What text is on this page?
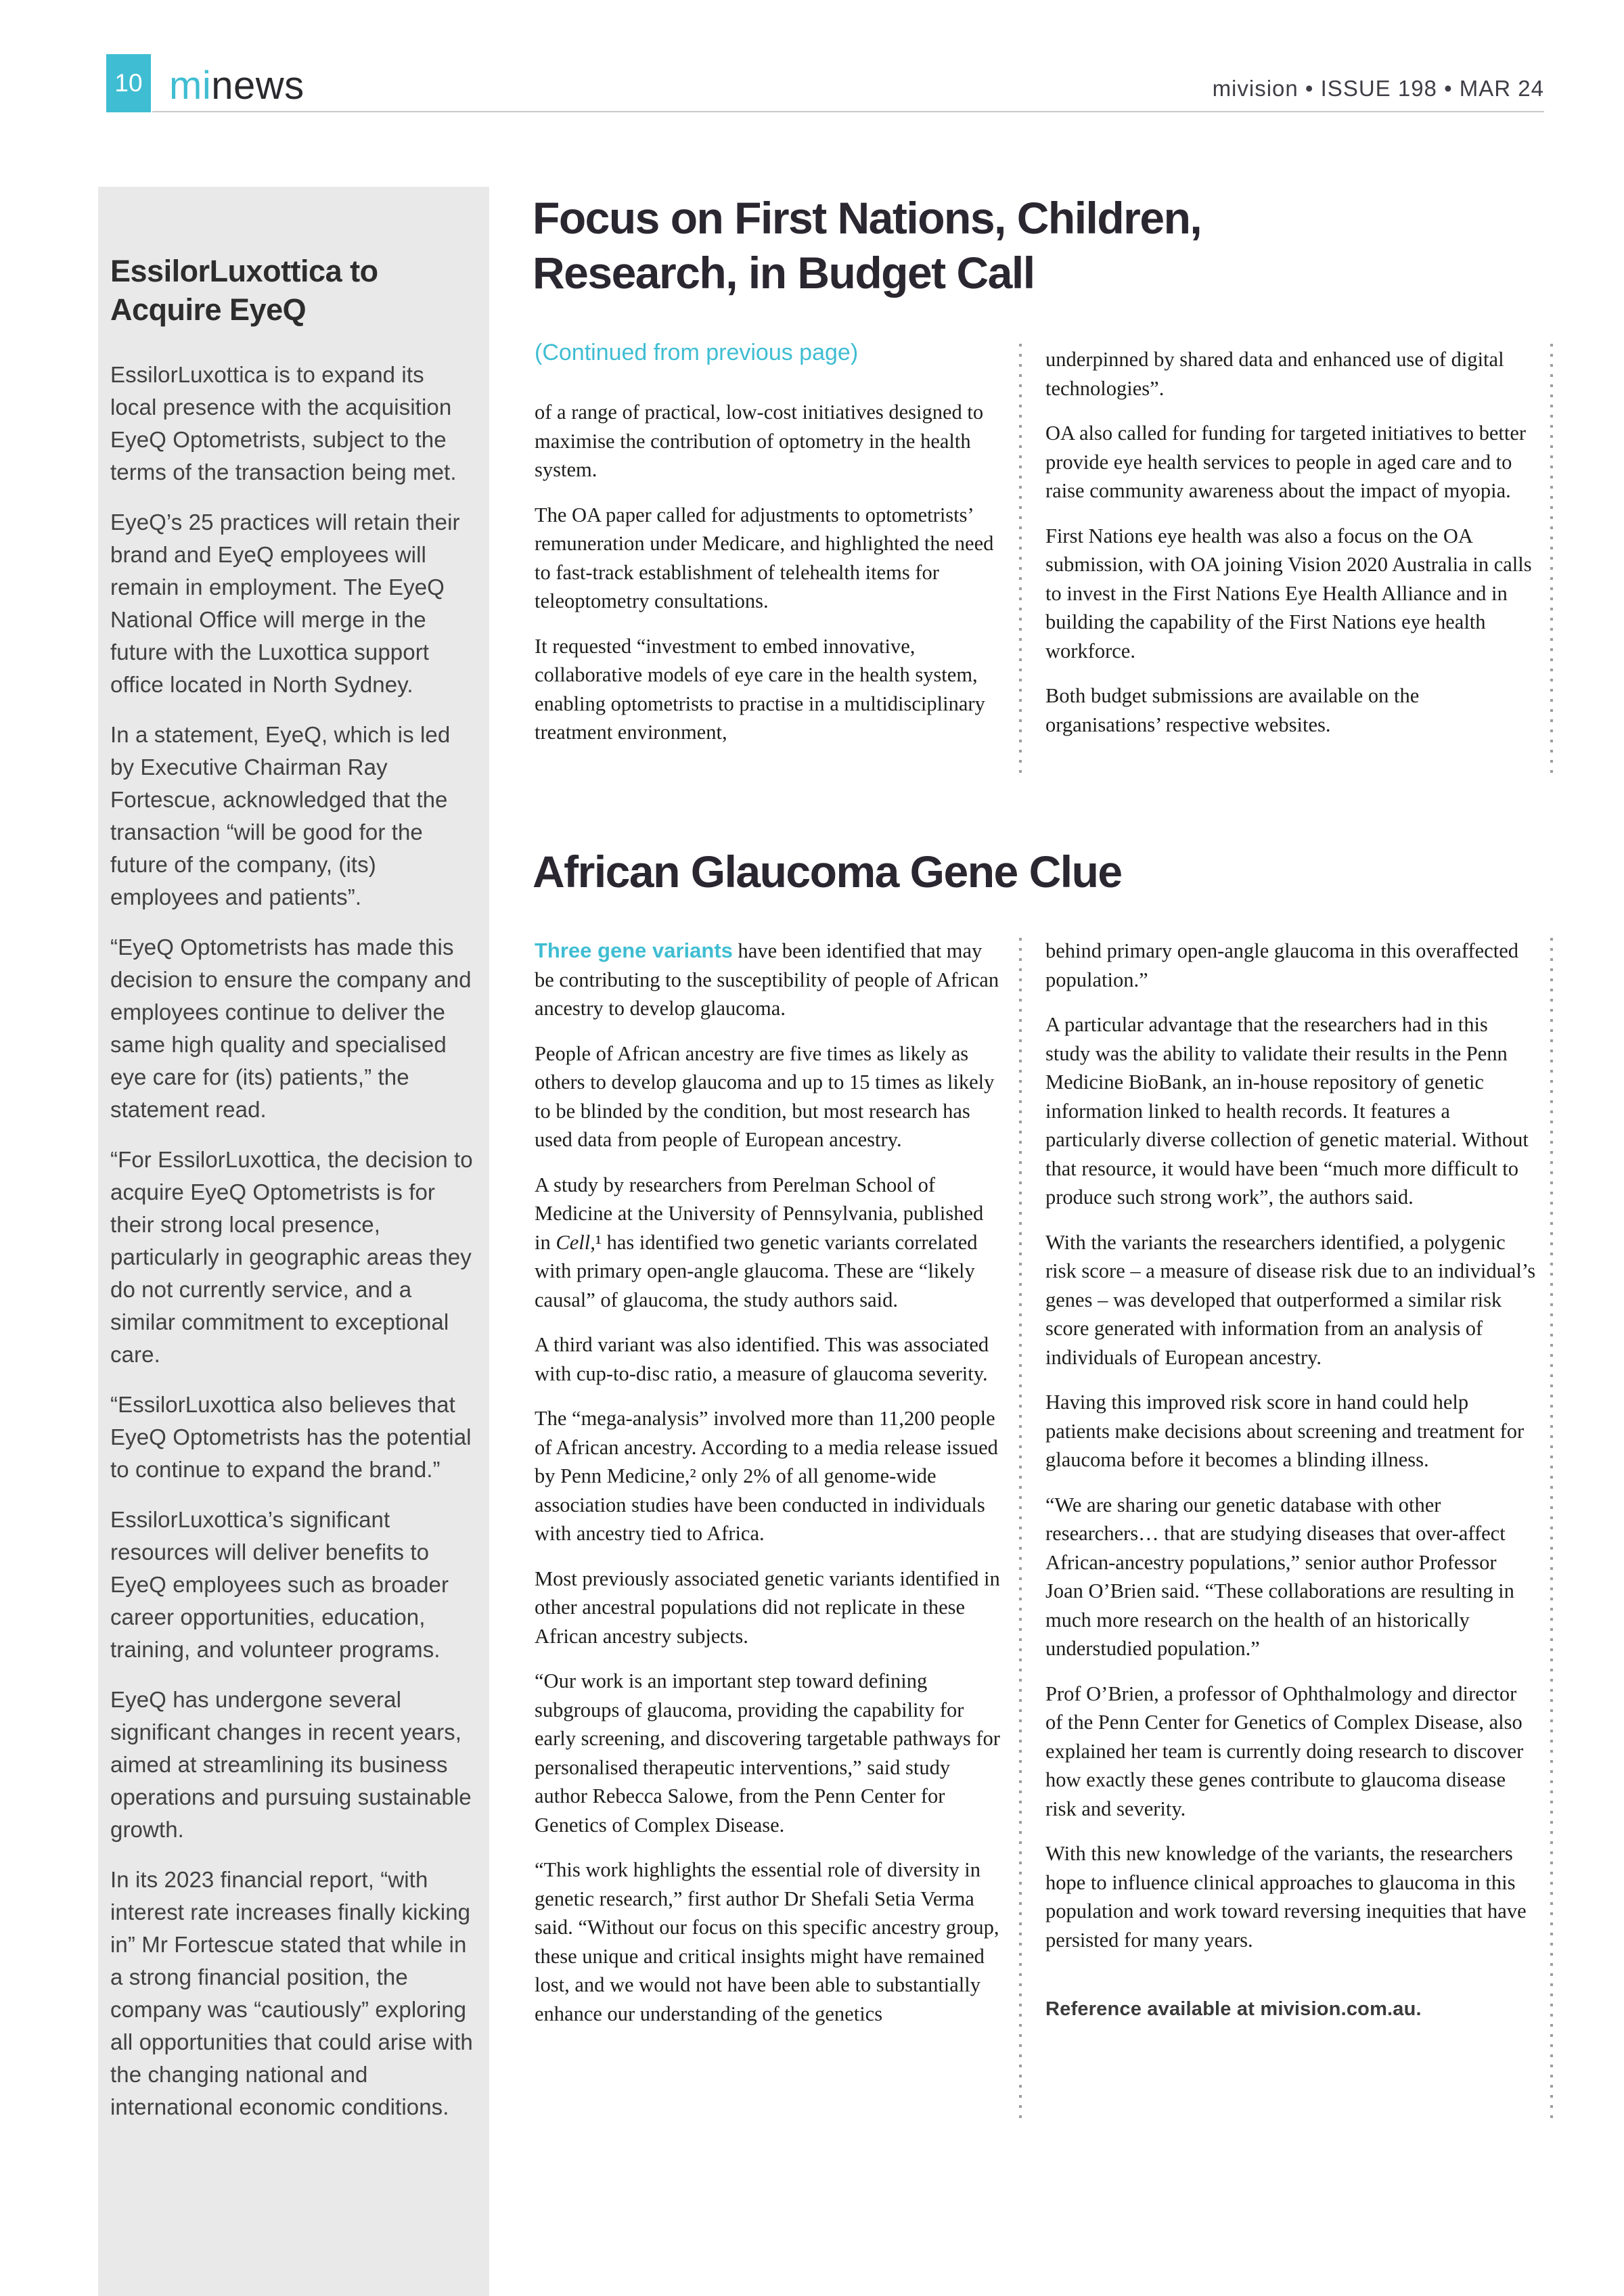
10 minews	mivision • ISSUE 198 • MAR 24
EssilorLuxottica to Acquire EyeQ

EssilorLuxottica is to expand its local presence with the acquisition EyeQ Optometrists, subject to the terms of the transaction being met.

EyeQ’s 25 practices will retain their brand and EyeQ employees will remain in employment. The EyeQ National Office will merge in the future with the Luxottica support office located in North Sydney.

In a statement, EyeQ, which is led by Executive Chairman Ray Fortescue, acknowledged that the transaction “will be good for the future of the company, (its) employees and patients”.

“EyeQ Optometrists has made this decision to ensure the company and employees continue to deliver the same high quality and specialised eye care for (its) patients,” the statement read.

“For EssilorLuxottica, the decision to acquire EyeQ Optometrists is for their strong local presence, particularly in geographic areas they do not currently service, and a similar commitment to exceptional care.

“EssilorLuxottica also believes that EyeQ Optometrists has the potential to continue to expand the brand.”

EssilorLuxottica’s significant resources will deliver benefits to EyeQ employees such as broader career opportunities, education, training, and volunteer programs.

EyeQ has undergone several significant changes in recent years, aimed at streamlining its business operations and pursuing sustainable growth.

In its 2023 financial report, “with interest rate increases finally kicking in” Mr Fortescue stated that while in a strong financial position, the company was “cautiously” exploring all opportunities that could arise with the changing national and international economic conditions.

Focus on First Nations, Children, Research, in Budget Call
(Continued from previous page)

of a range of practical, low-cost initiatives designed to maximise the contribution of optometry in the health system.

The OA paper called for adjustments to optometrists’ remuneration under Medicare, and highlighted the need to fast-track establishment of telehealth items for teleoptometry consultations.

It requested “investment to embed innovative, collaborative models of eye care in the health system, enabling optometrists to practise in a multidisciplinary treatment environment,

underpinned by shared data and enhanced use of digital technologies”.

OA also called for funding for targeted initiatives to better provide eye health services to people in aged care and to raise community awareness about the impact of myopia.

First Nations eye health was also a focus on the OA submission, with OA joining Vision 2020 Australia in calls to invest in the First Nations Eye Health Alliance and in building the capability of the First Nations eye health workforce.

Both budget submissions are available on the organisations’ respective websites.

African Glaucoma Gene Clue

Three gene variants have been identified that may be contributing to the susceptibility of people of African ancestry to develop glaucoma.

People of African ancestry are five times as likely as others to develop glaucoma and up to 15 times as likely to be blinded by the condition, but most research has used data from people of European ancestry.

A study by researchers from Perelman School of Medicine at the University of Pennsylvania, published in Cell,¹ has identified two genetic variants correlated with primary open-angle glaucoma. These are “likely causal” of glaucoma, the study authors said.

A third variant was also identified. This was associated with cup-to-disc ratio, a measure of glaucoma severity.

The “mega-analysis” involved more than 11,200 people of African ancestry. According to a media release issued by Penn Medicine,² only 2% of all genome-wide association studies have been conducted in individuals with ancestry tied to Africa.

Most previously associated genetic variants identified in other ancestral populations did not replicate in these African ancestry subjects.

“Our work is an important step toward defining subgroups of glaucoma, providing the capability for early screening, and discovering targetable pathways for personalised therapeutic interventions,” said study author Rebecca Salowe, from the Penn Center for Genetics of Complex Disease.

“This work highlights the essential role of diversity in genetic research,” first author Dr Shefali Setia Verma said. “Without our focus on this specific ancestry group, these unique and critical insights might have remained lost, and we would not have been able to substantially enhance our understanding of the genetics

behind primary open-angle glaucoma in this overaffected population.”

A particular advantage that the researchers had in this study was the ability to validate their results in the Penn Medicine BioBank, an in-house repository of genetic information linked to health records. It features a particularly diverse collection of genetic material. Without that resource, it would have been “much more difficult to produce such strong work”, the authors said.

With the variants the researchers identified, a polygenic risk score – a measure of disease risk due to an individual’s genes – was developed that outperformed a similar risk score generated with information from an analysis of individuals of European ancestry.

Having this improved risk score in hand could help patients make decisions about screening and treatment for glaucoma before it becomes a blinding illness.

“We are sharing our genetic database with other researchers… that are studying diseases that over-affect African-ancestry populations,” senior author Professor Joan O’Brien said. “These collaborations are resulting in much more research on the health of an historically understudied population.”

Prof O’Brien, a professor of Ophthalmology and director of the Penn Center for Genetics of Complex Disease, also explained her team is currently doing research to discover how exactly these genes contribute to glaucoma disease risk and severity.

With this new knowledge of the variants, the researchers hope to influence clinical approaches to glaucoma in this population and work toward reversing inequities that have persisted for many years.

Reference available at mivision.com.au.
